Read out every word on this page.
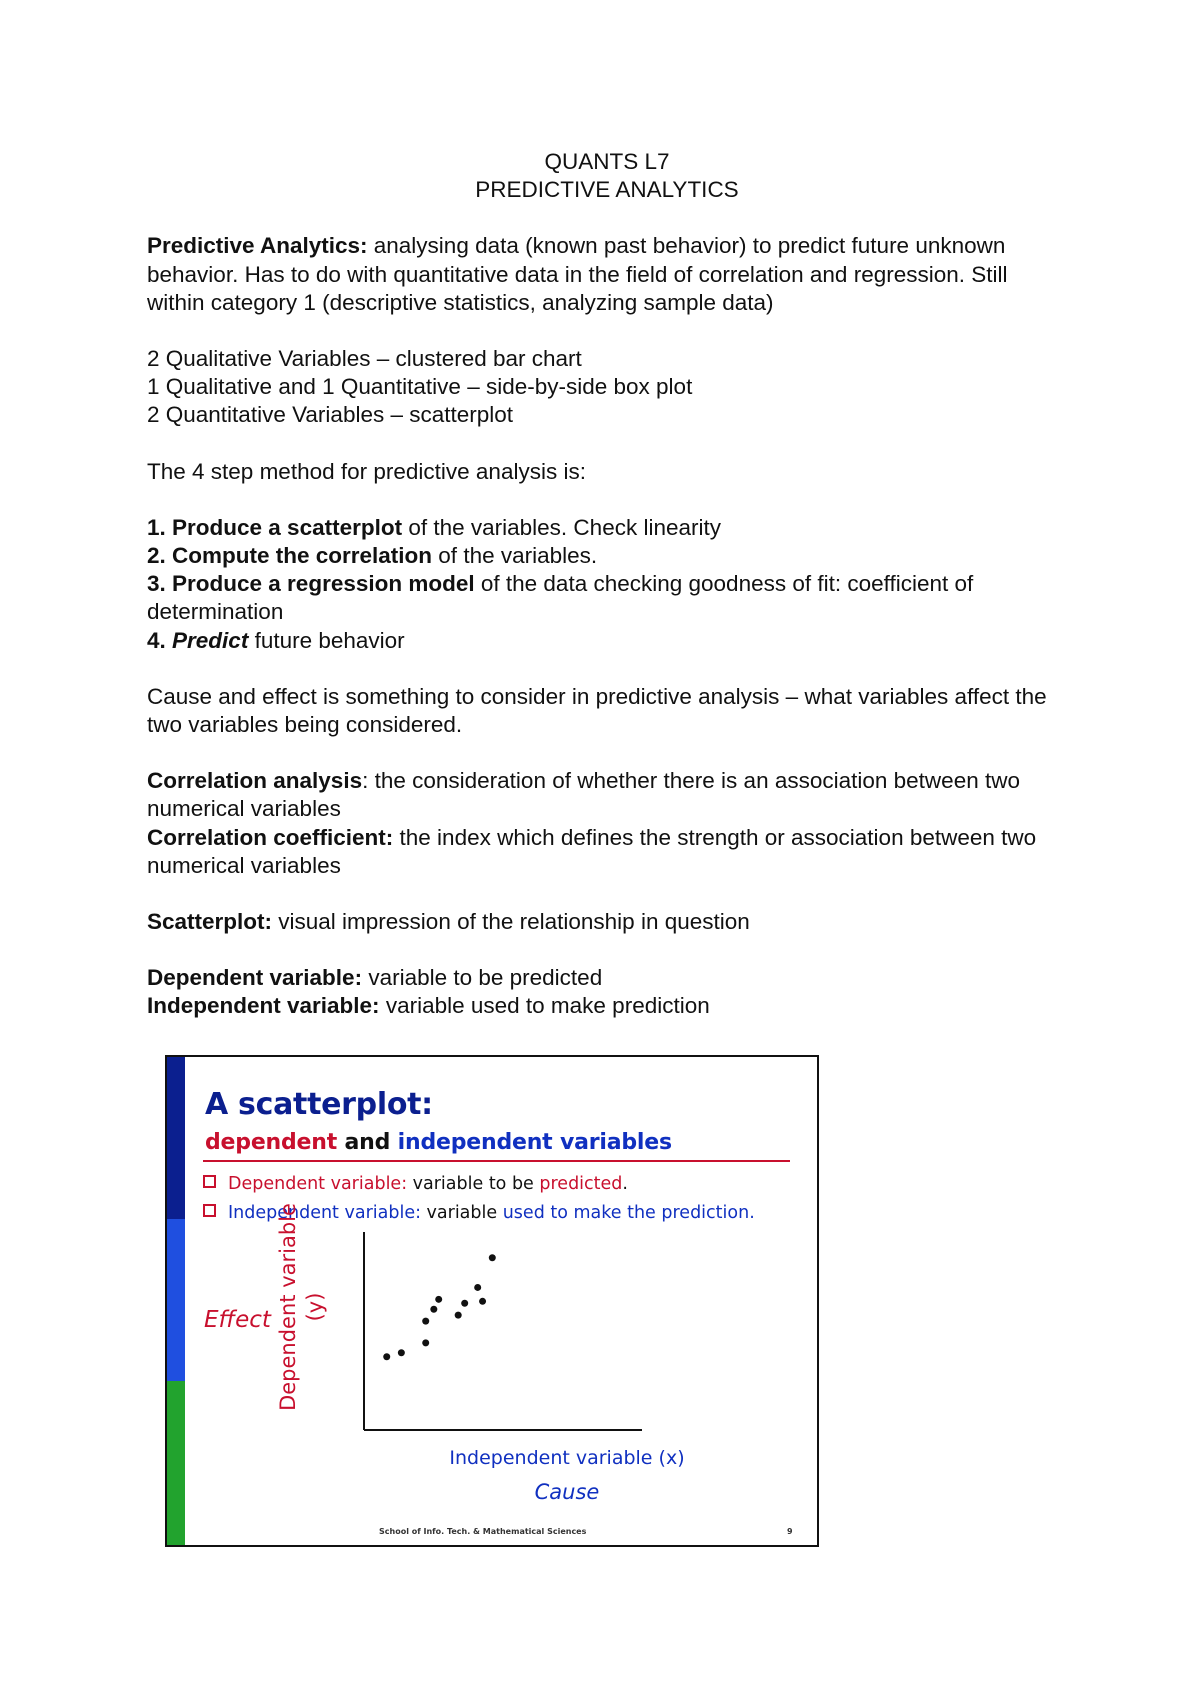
QUANTS L7

PREDICTIVE ANALYTICS

Predictive Analytics: analysing data (known past behavior) to predict future unknown behavior. Has to do with quantitative data in the field of correlation and regression. Still within category 1 (descriptive statistics, analyzing sample data)

2 Qualitative Variables – clustered bar chart

1 Qualitative and 1 Quantitative – side-by-side box plot

2 Quantitative Variables – scatterplot

The 4 step method for predictive analysis is:

1. Produce a scatterplot of the variables. Check linearity

2. Compute the correlation of the variables.

3. Produce a regression model of the data checking goodness of fit: coefficient of determination

4. Predict future behavior

Cause and effect is something to consider in predictive analysis – what variables affect the two variables being considered.

Correlation analysis: the consideration of whether there is an association between two numerical variables

Correlation coefficient: the index which defines the strength or association between two numerical variables

Scatterplot: visual impression of the relationship in question

Dependent variable: variable to be predicted

Independent variable: variable used to make prediction

A scatterplot:
dependent and independent variables
Dependent variable: variable to be predicted.
Independent variable: variable used to make the prediction.
Effect Dependent variable (y)
Independent variable (x)
Cause
School of Info. Tech. & Mathematical Sciences	9
